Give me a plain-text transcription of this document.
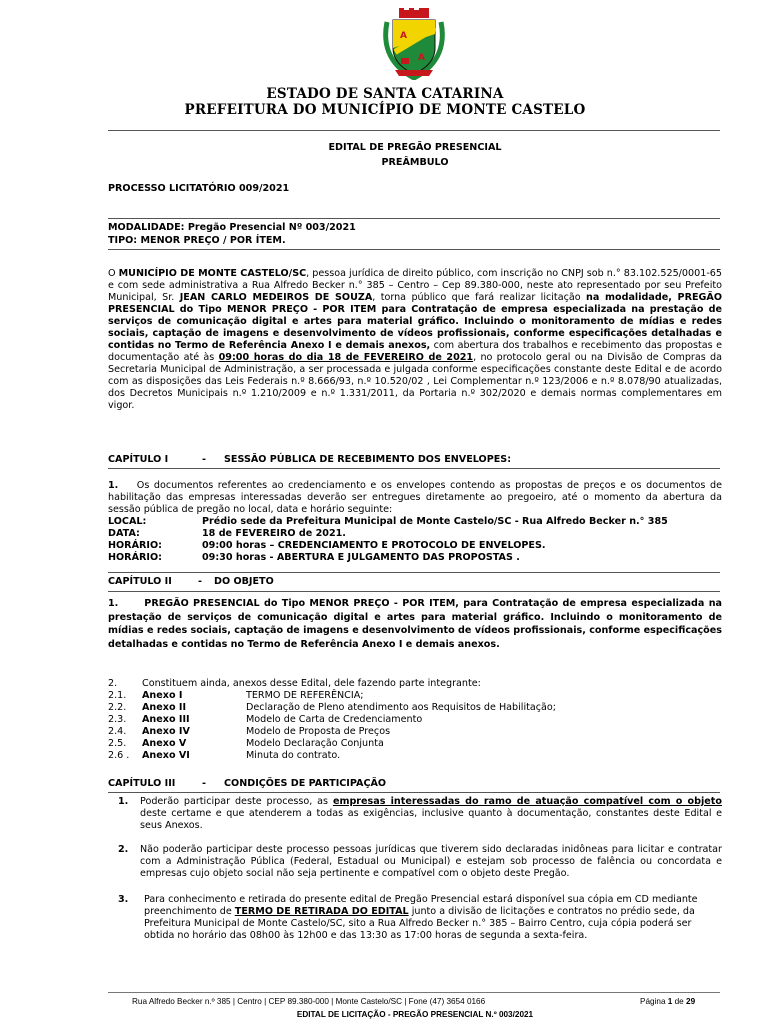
A
A
ESTADO DE SANTA CATARINA
PREFEITURA DO MUNICÍPIO DE MONTE CASTELO
EDITAL DE PREGÃO PRESENCIAL
PREÂMBULO
PROCESSO LICITATÓRIO 009/2021
MODALIDADE: Pregão Presencial Nº 003/2021
TIPO: MENOR PREÇO / POR ÍTEM.
O MUNICÍPIO DE MONTE CASTELO/SC, pessoa jurídica de direito público, com inscrição no CNPJ sob n.° 83.102.525/0001-65 e com sede administrativa a Rua Alfredo Becker n.° 385 – Centro – Cep 89.380-000, neste ato representado por seu Prefeito Municipal, Sr. JEAN CARLO MEDEIROS DE SOUZA, torna público que fará realizar licitação na modalidade, PREGÃO PRESENCIAL do Tipo MENOR PREÇO - POR ITEM para Contratação de empresa especializada na prestação de serviços de comunicação digital e artes para material gráfico. Incluindo o monitoramento de mídias e redes sociais, captação de imagens e desenvolvimento de vídeos profissionais, conforme especificações detalhadas e contidas no Termo de Referência Anexo I e demais anexos, com abertura dos trabalhos e recebimento das propostas e documentação até às 09:00 horas do dia 18 de FEVEREIRO de 2021, no protocolo geral ou na Divisão de Compras da Secretaria Municipal de Administração, a ser processada e julgada conforme especificações constante deste Edital e de acordo com as disposições das Leis Federais n.º 8.666/93, n.º 10.520/02 , Lei Complementar n.º 123/2006 e n.º 8.078/90 atualizadas, dos Decretos Municipais n.º 1.210/2009 e n.º 1.331/2011, da Portaria n.º 302/2020 e demais normas complementares em vigor.
CAPÍTULO I	- SESSÃO PÚBLICA DE RECEBIMENTO DOS ENVELOPES:
1. Os documentos referentes ao credenciamento e os envelopes contendo as propostas de preços e os documentos de habilitação das empresas interessadas deverão ser entregues diretamente ao pregoeiro, até o momento da abertura da sessão pública de pregão no local, data e horário seguinte:
LOCAL:	Prédio sede da Prefeitura Municipal de Monte Castelo/SC - Rua Alfredo Becker n.° 385
DATA:	18 de FEVEREIRO de 2021.
HORÁRIO:	09:00 horas – CREDENCIAMENTO E PROTOCOLO DE ENVELOPES.
HORÁRIO:	09:30 horas - ABERTURA E JULGAMENTO DAS PROPOSTAS .
CAPÍTULO II	- DO OBJETO
1.	PREGÃO PRESENCIAL do Tipo MENOR PREÇO - POR ITEM, para Contratação de empresa especializada na prestação de serviços de comunicação digital e artes para material gráfico. Incluindo o monitoramento de mídias e redes sociais, captação de imagens e desenvolvimento de vídeos profissionais, conforme especificações detalhadas e contidas no Termo de Referência Anexo I e demais anexos.
2.	Constituem ainda, anexos desse Edital, dele fazendo parte integrante:
2.1. Anexo I	TERMO DE REFERÊNCIA;
2.2. Anexo II	Declaração de Pleno atendimento aos Requisitos de Habilitação;
2.3. Anexo III	Modelo de Carta de Credenciamento
2.4. Anexo IV	Modelo de Proposta de Preços
2.5. Anexo V	Modelo Declaração Conjunta
2.6 . Anexo VI	Minuta do contrato.
CAPÍTULO III	- CONDIÇÕES DE PARTICIPAÇÃO
1. Poderão participar deste processo, as empresas interessadas do ramo de atuação compatível com o objeto deste certame e que atenderem a todas as exigências, inclusive quanto à documentação, constantes deste Edital e seus Anexos.
2. Não poderão participar deste processo pessoas jurídicas que tiverem sido declaradas inidôneas para licitar e contratar com a Administração Pública (Federal, Estadual ou Municipal) e estejam sob processo de falência ou concordata e empresas cujo objeto social não seja pertinente e compatível com o objeto deste Pregão.
3. Para conhecimento e retirada do presente edital de Pregão Presencial estará disponível sua cópia em CD mediante preenchimento de TERMO DE RETIRADA DO EDITAL junto a divisão de licitações e contratos no prédio sede, da Prefeitura Municipal de Monte Castelo/SC, sito a Rua Alfredo Becker n.° 385 – Bairro Centro, cuja cópia poderá ser obtida no horário das 08h00 às 12h00 e das 13:30 as 17:00 horas de segunda a sexta-feira.
Rua Alfredo Becker n.º 385 | Centro | CEP 89.380-000 | Monte Castelo/SC | Fone (47) 3654 0166	Página 1 de 29
EDITAL DE LICITAÇÃO - PREGÃO PRESENCIAL N.º 003/2021
